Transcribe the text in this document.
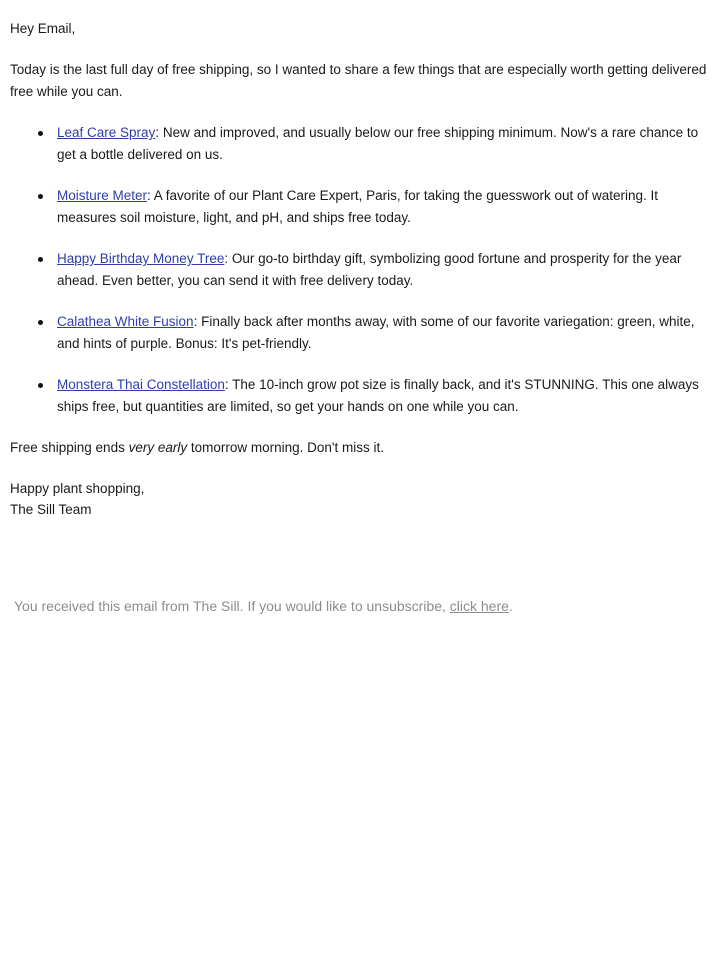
Hey Email,

Today is the last full day of free shipping, so I wanted to share a few things that are especially worth getting delivered free while you can.

Leaf Care Spray: New and improved, and usually below our free shipping minimum. Now's a rare chance to get a bottle delivered on us.
Moisture Meter: A favorite of our Plant Care Expert, Paris, for taking the guesswork out of watering. It measures soil moisture, light, and pH, and ships free today.
Happy Birthday Money Tree: Our go-to birthday gift, symbolizing good fortune and prosperity for the year ahead. Even better, you can send it with free delivery today.
Calathea White Fusion: Finally back after months away, with some of our favorite variegation: green, white, and hints of purple. Bonus: It's pet-friendly.
Monstera Thai Constellation: The 10-inch grow pot size is finally back, and it's STUNNING. This one always ships free, but quantities are limited, so get your hands on one while you can.

Free shipping ends very early tomorrow morning. Don't miss it.

Happy plant shopping,

The Sill Team

You received this email from The Sill. If you would like to unsubscribe, click here.
